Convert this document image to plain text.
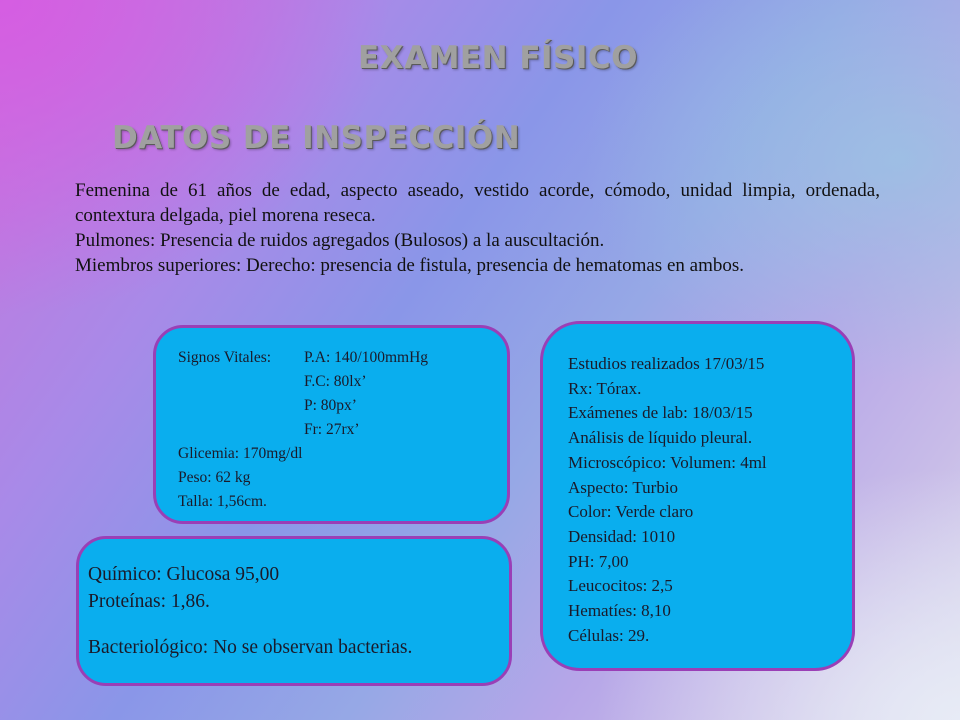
EXAMEN FÍSICO
DATOS DE INSPECCIÓN

Femenina de 61 años de edad, aspecto aseado, vestido acorde, cómodo, unidad limpia, ordenada, contextura delgada, piel morena reseca.

Pulmones: Presencia de ruidos agregados (Bulosos) a la auscultación.

Miembros superiores: Derecho: presencia de fistula, presencia de hematomas en ambos.

Signos Vitales: P.A: 140/100mmHg
F.C: 80lx’
P: 80px’
Fr: 27rx’
Glicemia: 170mg/dl
Peso: 62 kg
Talla: 1,56cm.
Estudios realizados 17/03/15
Rx: Tórax.
Exámenes de lab: 18/03/15
Análisis de líquido pleural.
Microscópico: Volumen: 4ml
Aspecto: Turbio
Color: Verde claro
Densidad: 1010
PH: 7,00
Leucocitos: 2,5
Hematíes: 8,10
Células: 29.
Químico: Glucosa 95,00
Proteínas: 1,86.
Bacteriológico: No se observan bacterias.
